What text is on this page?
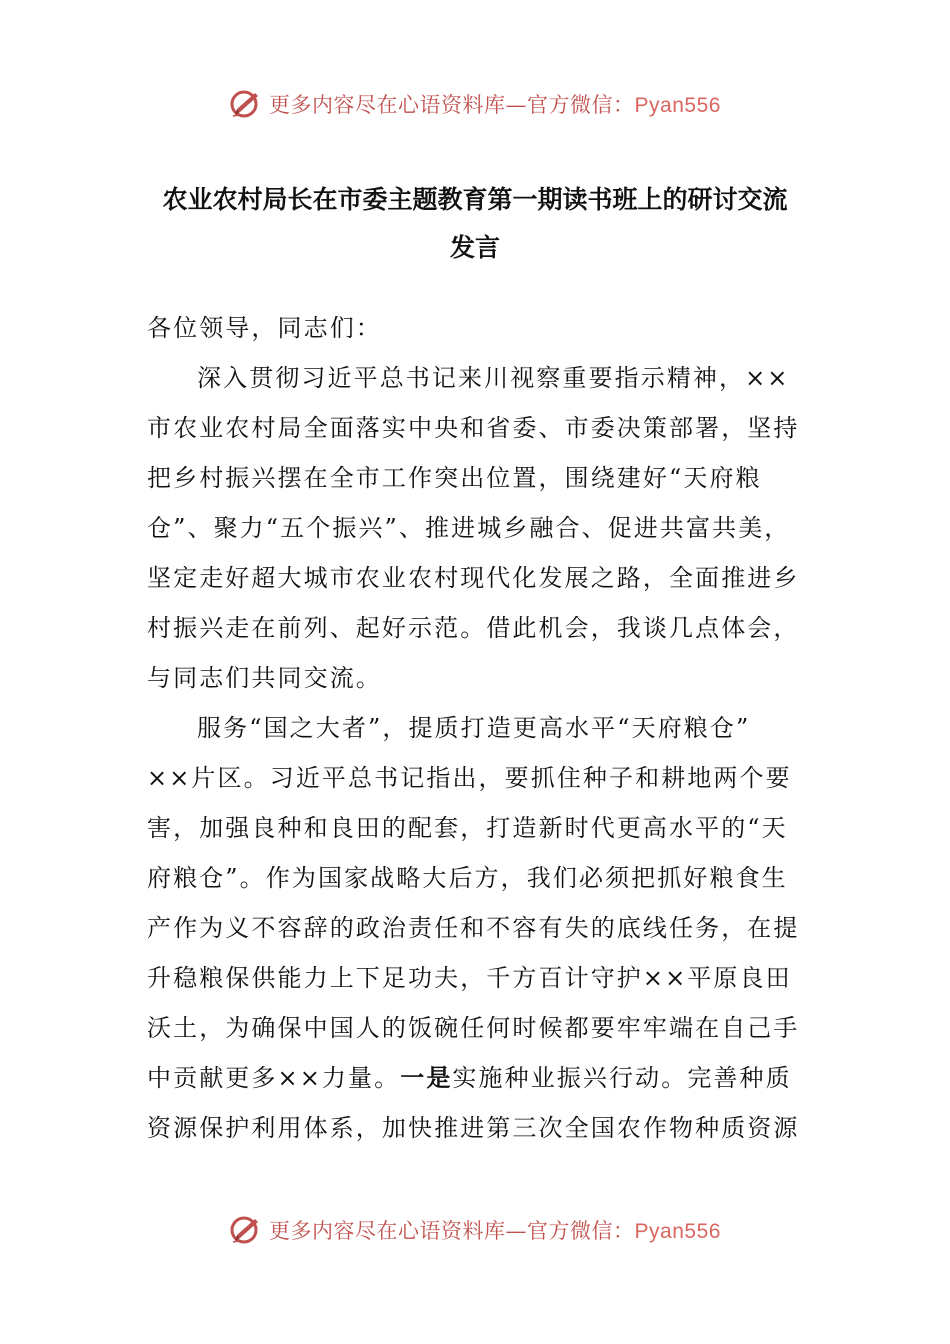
更多内容尽在心语资料库—官方微信：Pyan556
农业农村局长在市委主题教育第一期读书班上的研讨交流
发言
各位领导，同志们：
深入贯彻习近平总书记来川视察重要指示精神，××
市农业农村局全面落实中央和省委、市委决策部署，坚持
把乡村振兴摆在全市工作突出位置，围绕建好“天府粮
仓”、聚力“五个振兴”、推进城乡融合、促进共富共美，
坚定走好超大城市农业农村现代化发展之路，全面推进乡
村振兴走在前列、起好示范。借此机会，我谈几点体会，
与同志们共同交流。
服务“国之大者”，提质打造更高水平“天府粮仓”
××片区。习近平总书记指出，要抓住种子和耕地两个要
害，加强良种和良田的配套，打造新时代更高水平的“天
府粮仓”。作为国家战略大后方，我们必须把抓好粮食生
产作为义不容辞的政治责任和不容有失的底线任务，在提
升稳粮保供能力上下足功夫，千方百计守护××平原良田
沃土，为确保中国人的饭碗任何时候都要牢牢端在自己手
中贡献更多××力量。一是实施种业振兴行动。完善种质
资源保护利用体系，加快推进第三次全国农作物种质资源
更多内容尽在心语资料库—官方微信：Pyan556
